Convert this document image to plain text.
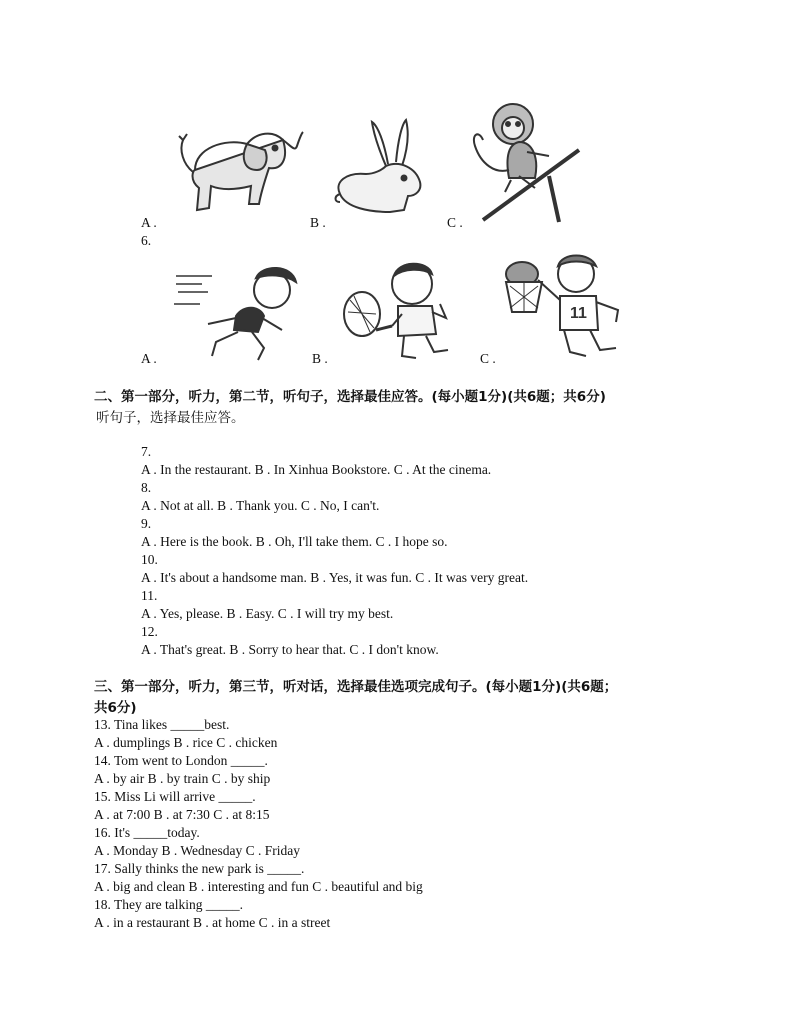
A .	B .	C .
6.
A .	B .
11
C .
二、第一部分，听力，第二节，听句子，选择最佳应答。(每小题1分)(共6题；共6分)
听句子，选择最佳应答。
7.
A . In the restaurant. B . In Xinhua Bookstore. C . At the cinema.
8.
A . Not at all. B . Thank you. C . No, I can't.
9.
A . Here is the book. B . Oh, I'll take them. C . I hope so.
10.
A . It's about a handsome man. B . Yes, it was fun. C . It was very great.
11.
A . Yes, please. B . Easy. C . I will try my best.
12.
A . That's great. B . Sorry to hear that. C . I don't know.
三、第一部分，听力，第三节，听对话，选择最佳选项完成句子。(每小题1分)(共6题；
共6分)
13. Tina likes _____best.
A . dumplings B . rice C . chicken
14. Tom went to London _____.
A . by air B . by train C . by ship
15. Miss Li will arrive _____.
A . at 7:00 B . at 7:30 C . at 8:15
16. It's _____today.
A . Monday B . Wednesday C . Friday
17. Sally thinks the new park is _____.
A . big and clean B . interesting and fun C . beautiful and big
18. They are talking _____.
A . in a restaurant B . at home C . in a street
